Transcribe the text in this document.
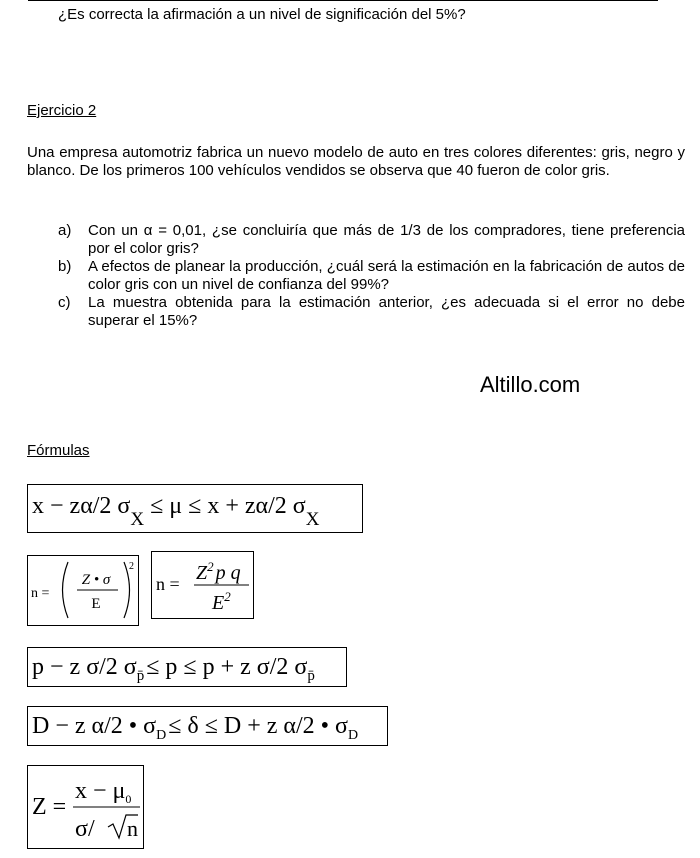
¿Es correcta la afirmación a un nivel de significación del 5%?
Ejercicio 2
Una empresa automotriz fabrica un nuevo modelo de auto en tres colores diferentes: gris, negro y blanco. De los primeros 100 vehículos vendidos se observa que 40 fueron de color gris.
a) Con un α = 0,01, ¿se concluiría que más de 1/3 de los compradores, tiene preferencia por el color gris?
b) A efectos de planear la producción, ¿cuál será la estimación en la fabricación de autos de color gris con un nivel de confianza del 99%?
c) La muestra obtenida para la estimación anterior, ¿es adecuada si el error no debe superar el 15%?
Altillo.com
Fórmulas
x − zα/2 $\sigma_X\le \mu \le x + z\alpha/2$ $\sigma_X$
n =
Z • σ
E
2
$n = Z^2$ p q
$E^2$
p − z σ/2 $\sigma_{p̄}\le p \le p + z$ σ/2 $\sigma_{p̄}$
D − z α/2 • $\sigma_D\le \delta \le D + z$ α/2 • $\sigma_D$
Z =
$x - \mu_0$
σ/ n
